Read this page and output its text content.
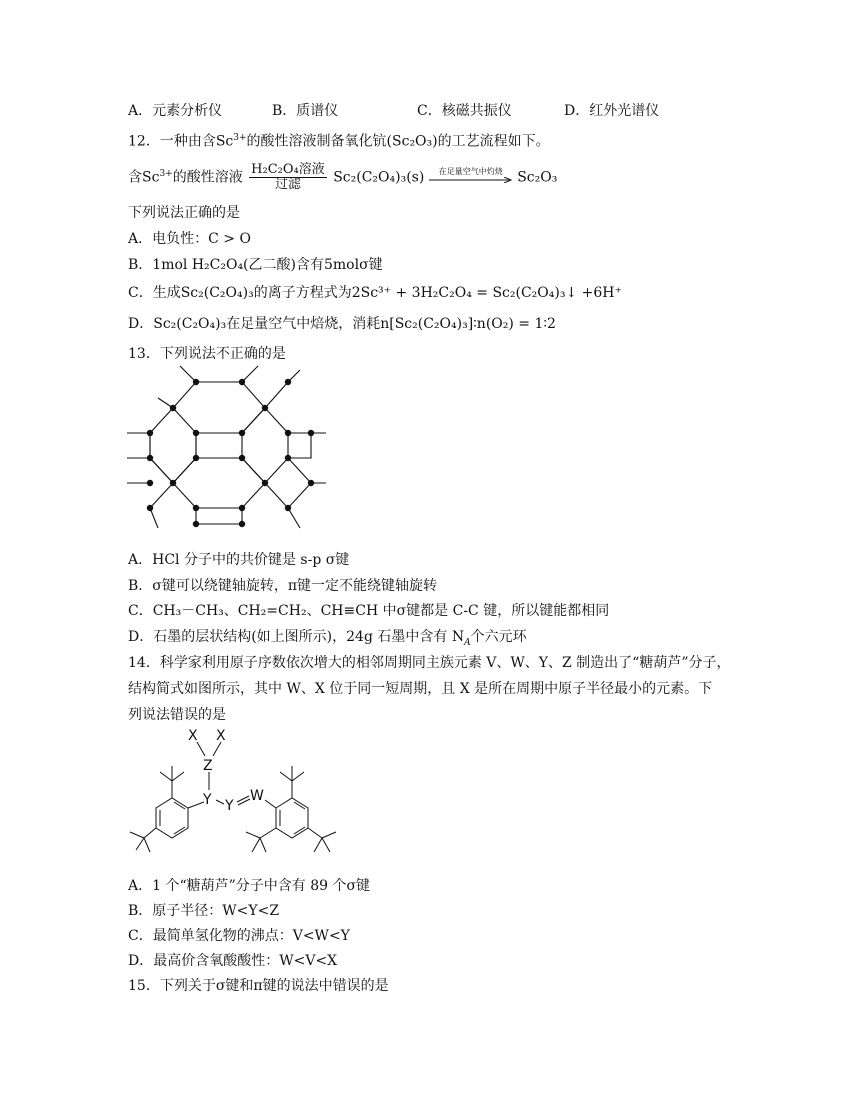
A．元素分析仪	B．质谱仪	C．核磁共振仪	D．红外光谱仪
12．一种由含$Sc^{3+}$的酸性溶液制备氧化钪(Sc₂O₃)的工艺流程如下。
含$Sc^{3+}$的酸性溶液 $\frac{\text{H₂C₂O₄溶液}}{\text{过滤}} Sc_2(C_2O_4)_3(s)$	在足量空气中灼烧	Sc₂O₃
下列说法正确的是
A．电负性：C > O
B．1mol H₂C₂O₄(乙二酸)含有5molσ键
C．生成Sc₂(C₂O₄)₃的离子方程式为2Sc³⁺ + 3H₂C₂O₄ = Sc₂(C₂O₄)₃↓ +6H⁺
D．Sc₂(C₂O₄)₃在足量空气中焙烧，消耗n[Sc₂(C₂O₄)₃]∶n(O₂) = 1∶2
13．下列说法不正确的是
A．HCl 分子中的共价键是 s-p σ键
B．σ键可以绕键轴旋转，π键一定不能绕键轴旋转
C．CH₃－CH₃、CH₂=CH₂、CH≡CH 中σ键都是 C-C 键，所以键能都相同
D．石墨的层状结构(如上图所示)，24g 石墨中含有 $N_A$个六元环
14．科学家利用原子序数依次增大的相邻周期同主族元素 V、W、Y、Z 制造出了“糖葫芦”分子，
结构简式如图所示，其中 W、X 位于同一短周期，且 X 是所在周期中原子半径最小的元素。下
列说法错误的是
X X
Z
Y Y
W
A．1 个“糖葫芦”分子中含有 89 个σ键
B．原子半径：W<Y<Z
C．最简单氢化物的沸点：V<W<Y
D．最高价含氧酸酸性：W<V<X
15．下列关于σ键和π键的说法中错误的是
